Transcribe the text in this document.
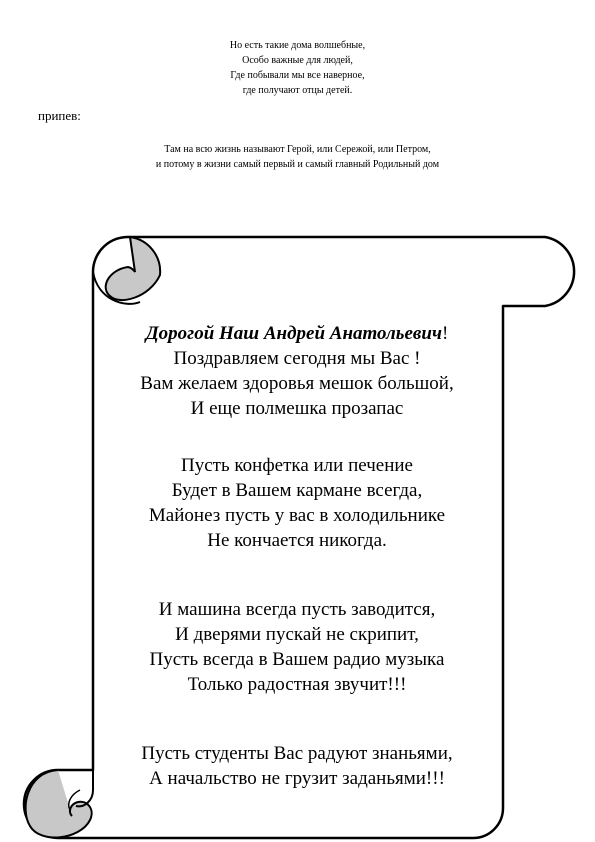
Но есть такие дома волшебные,
Особо важные для людей,
Где побывали мы все наверное,
где получают отцы детей.
припев:
Там на всю жизнь называют Герой, или Сережой, или Петром,
и потому в жизни самый первый и самый главный Родильный дом
Дорогой Наш Андрей Анатольевич!
Поздравляем сегодня мы Вас !
Вам желаем здоровья мешок большой,
И еще полмешка прозапас
Пусть конфетка или печение
Будет в Вашем кармане всегда,
Майонез пусть у вас в холодильнике
Не кончается никогда.
И машина всегда пусть заводится,
И дверями пускай не скрипит,
Пусть всегда в Вашем радио музыка
Только радостная звучит!!!
Пусть студенты Вас радуют знаньями,
А начальство не грузит заданьями!!!
